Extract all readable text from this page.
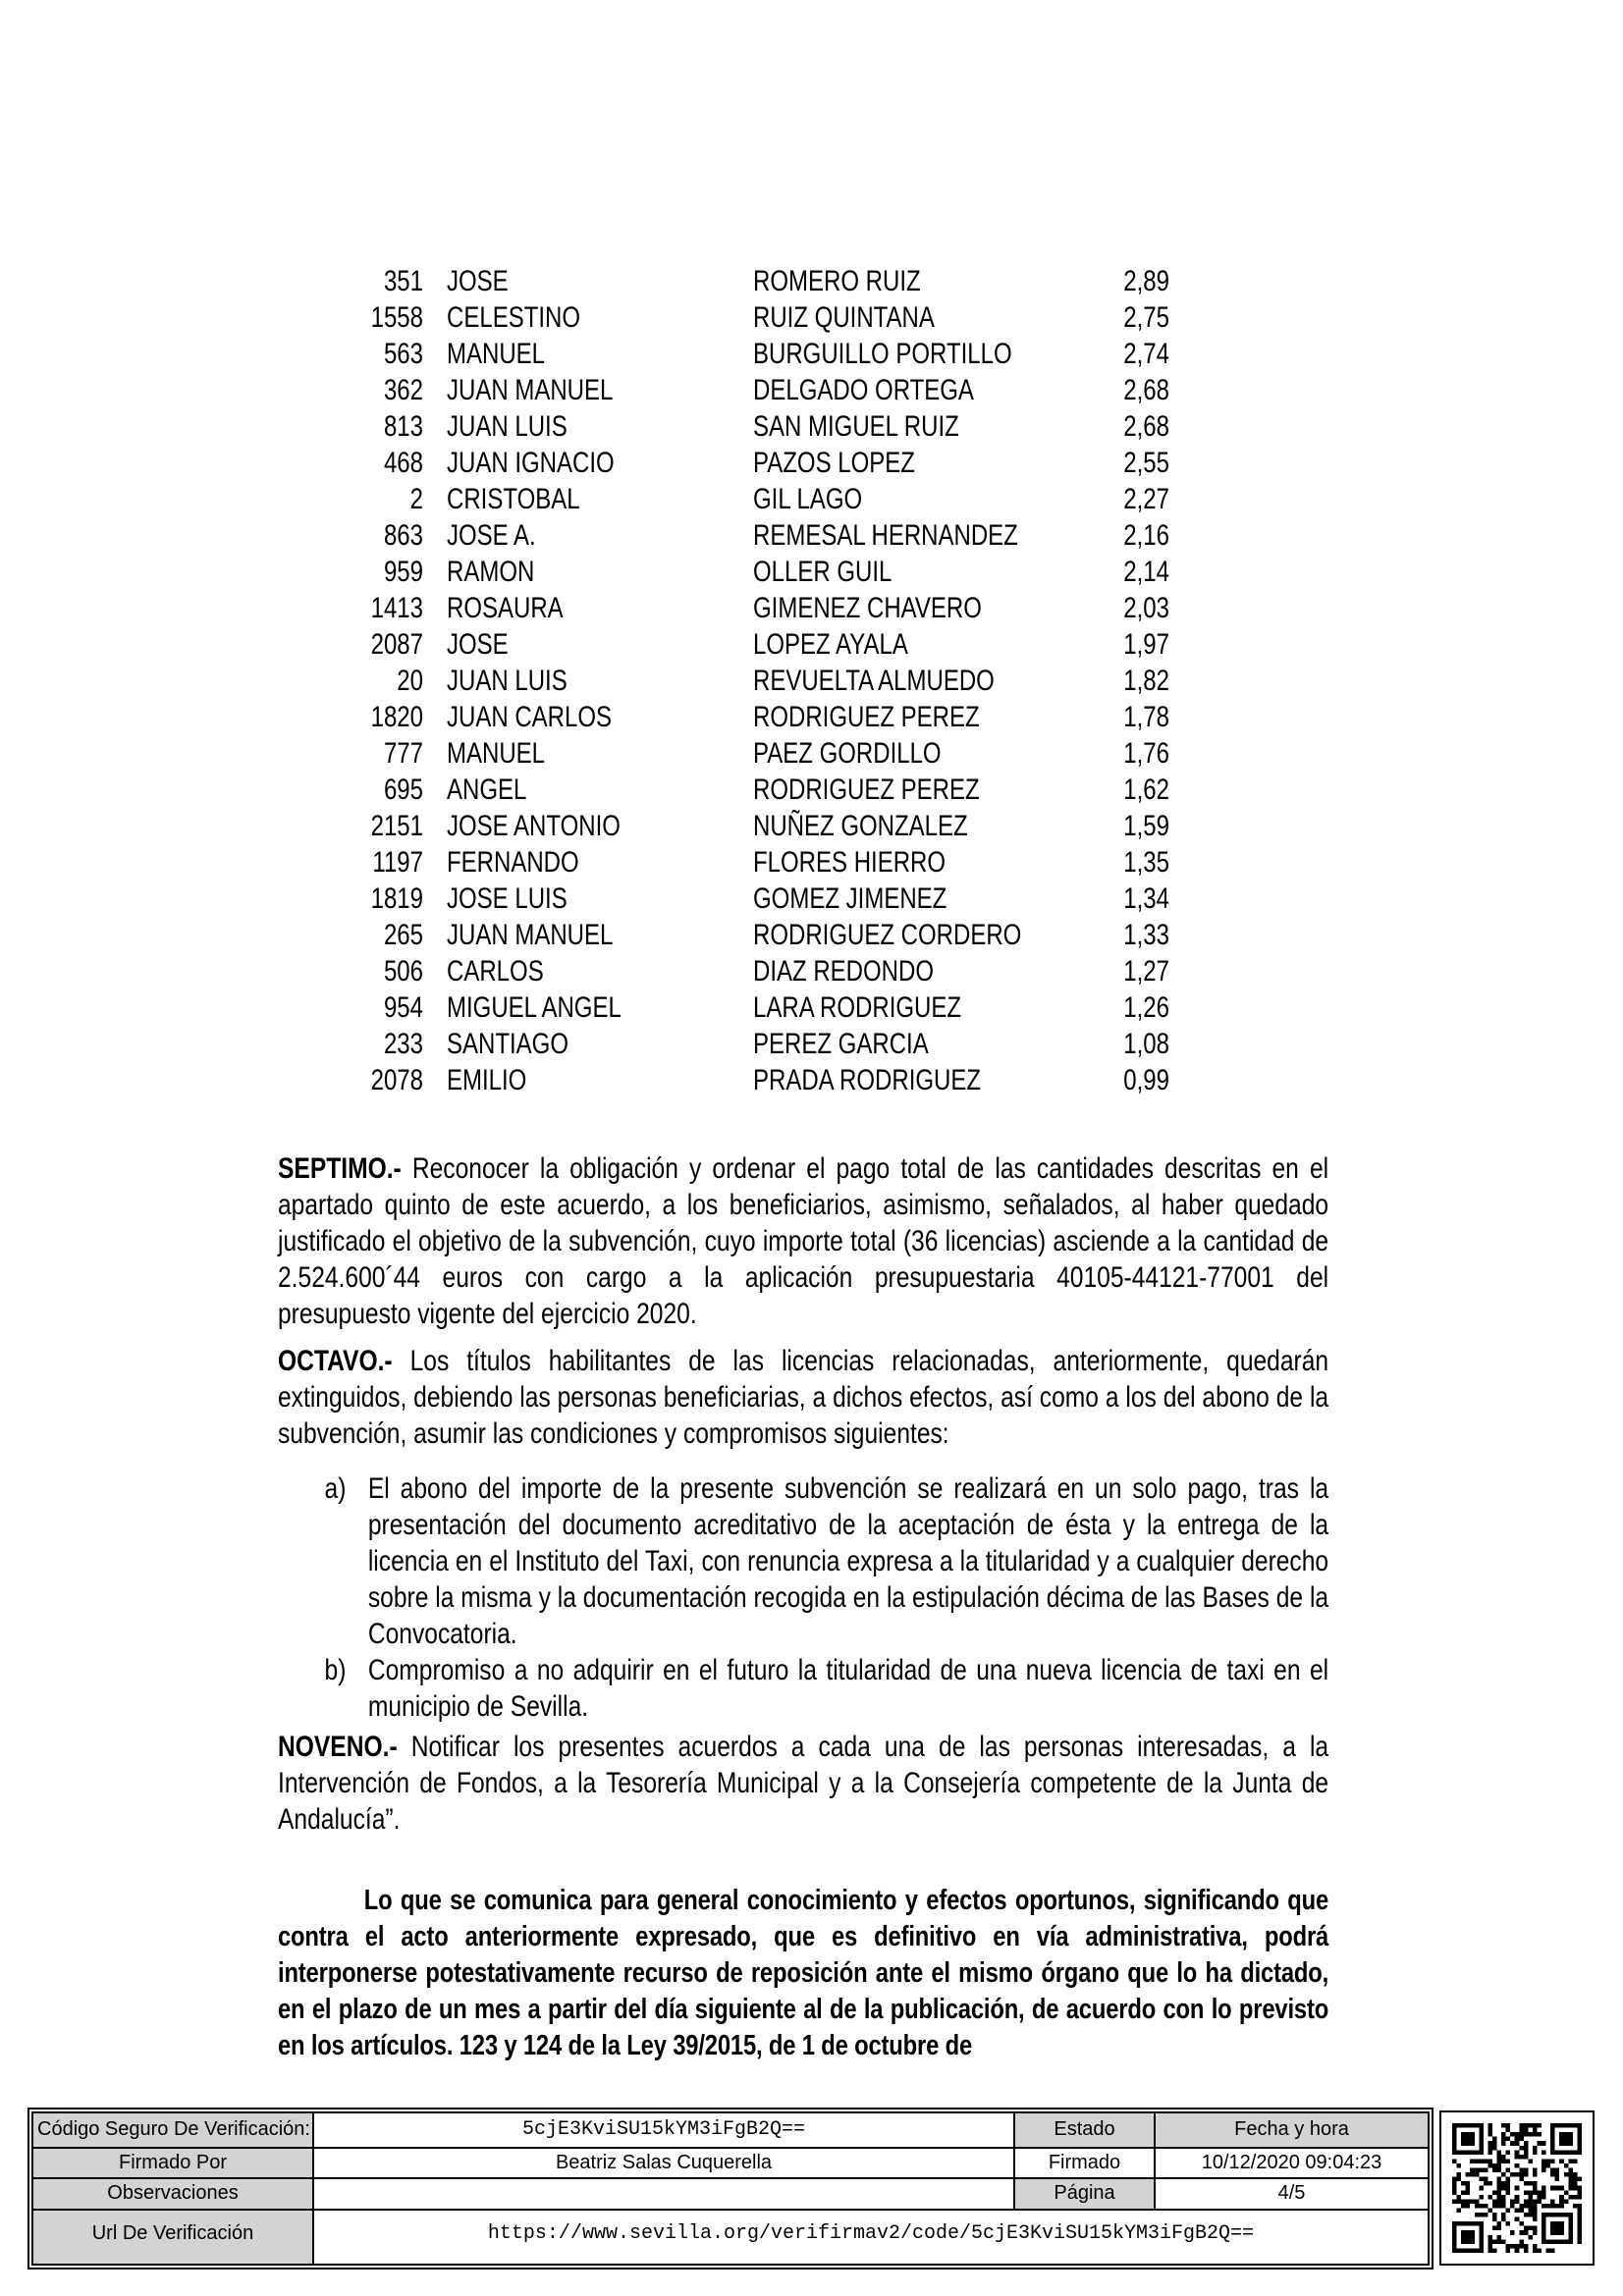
351 JOSE	ROMERO RUIZ	2,89
1558 CELESTINO	RUIZ QUINTANA	2,75
563 MANUEL	BURGUILLO PORTILLO	2,74
362 JUAN MANUEL	DELGADO ORTEGA	2,68
813 JUAN LUIS	SAN MIGUEL RUIZ	2,68
468 JUAN IGNACIO	PAZOS LOPEZ	2,55
2 CRISTOBAL	GIL LAGO	2,27
863 JOSE A.	REMESAL HERNANDEZ	2,16
959 RAMON	OLLER GUIL	2,14
1413 ROSAURA	GIMENEZ CHAVERO	2,03
2087 JOSE	LOPEZ AYALA	1,97
20 JUAN LUIS	REVUELTA ALMUEDO	1,82
1820 JUAN CARLOS	RODRIGUEZ PEREZ	1,78
777 MANUEL	PAEZ GORDILLO	1,76
695 ANGEL	RODRIGUEZ PEREZ	1,62
2151 JOSE ANTONIO	NUÑEZ GONZALEZ	1,59
1197 FERNANDO	FLORES HIERRO	1,35
1819 JOSE LUIS	GOMEZ JIMENEZ	1,34
265 JUAN MANUEL	RODRIGUEZ CORDERO	1,33
506 CARLOS	DIAZ REDONDO	1,27
954 MIGUEL ANGEL	LARA RODRIGUEZ	1,26
233 SANTIAGO	PEREZ GARCIA	1,08
2078 EMILIO	PRADA RODRIGUEZ	0,99
SEPTIMO.- Reconocer la obligación y ordenar el pago total de las cantidades descritas en el apartado quinto de este acuerdo, a los beneficiarios, asimismo, señalados, al haber quedado justificado el objetivo de la subvención, cuyo importe total (36 licencias) asciende a la cantidad de 2.524.600´44 euros con cargo a la aplicación presupuestaria 40105-44121-77001 del presupuesto vigente del ejercicio 2020.
OCTAVO.- Los títulos habilitantes de las licencias relacionadas, anteriormente, quedarán extinguidos, debiendo las personas beneficiarias, a dichos efectos, así como a los del abono de la subvención, asumir las condiciones y compromisos siguientes:
a) El abono del importe de la presente subvención se realizará en un solo pago, tras la presentación del documento acreditativo de la aceptación de ésta y la entrega de la licencia en el Instituto del Taxi, con renuncia expresa a la titularidad y a cualquier derecho sobre la misma y la documentación recogida en la estipulación décima de las Bases de la Convocatoria.
b) Compromiso a no adquirir en el futuro la titularidad de una nueva licencia de taxi en el municipio de Sevilla.
NOVENO.- Notificar los presentes acuerdos a cada una de las personas interesadas, a la Intervención de Fondos, a la Tesorería Municipal y a la Consejería competente de la Junta de Andalucía”.
Lo que se comunica para general conocimiento y efectos oportunos, significando que contra el acto anteriormente expresado, que es definitivo en vía administrativa, podrá interponerse potestativamente recurso de reposición ante el mismo órgano que lo ha dictado, en el plazo de un mes a partir del día siguiente al de la publicación, de acuerdo con lo previsto en los artículos. 123 y 124 de la Ley 39/2015, de 1 de octubre de
Código Seguro De Verificación:	5cjE3KviSU15kYM3iFgB2Q==	Estado	Fecha y hora
Firmado Por	Beatriz Salas Cuquerella	Firmado	10/12/2020 09:04:23
Observaciones		Página	4/5
Url De Verificación	https://www.sevilla.org/verifirmav2/code/5cjE3KviSU15kYM3iFgB2Q==		
